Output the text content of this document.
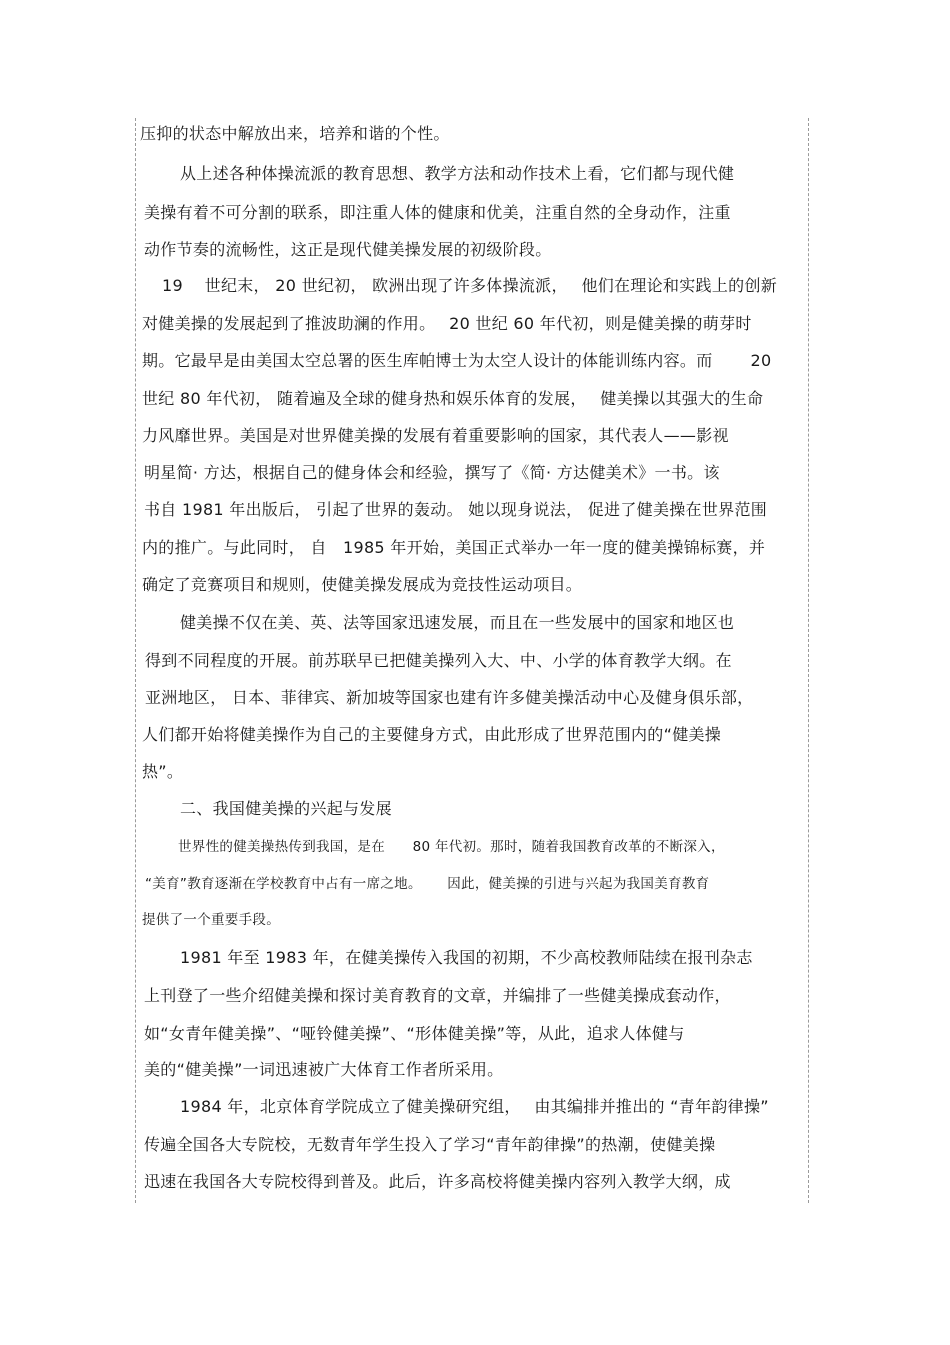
压抑的状态中解放出来，培养和谐的个性。
从上述各种体操流派的教育思想、教学方法和动作技术上看，它们都与现代健
美操有着不可分割的联系，即注重人体的健康和优美，注重自然的全身动作，注重
动作节奏的流畅性，这正是现代健美操发展的初级阶段。
19　 世纪末， 20 世纪初， 欧洲出现了许多体操流派，　 他们在理论和实践上的创新
对健美操的发展起到了推波助澜的作用。　 20 世纪 60 年代初，则是健美操的萌芽时
期。它最早是由美国太空总署的医生库帕博士为太空人设计的体能训练内容。而　　 20
世纪 80 年代初， 随着遍及全球的健身热和娱乐体育的发展，　 健美操以其强大的生命
力风靡世界。美国是对世界健美操的发展有着重要影响的国家，其代表人——影视
明星简· 方达，根据自己的健身体会和经验，撰写了《简· 方达健美术》一书。该
书自 1981 年出版后， 引起了世界的轰动。 她以现身说法， 促进了健美操在世界范围
内的推广。与此同时， 自　1985 年开始，美国正式举办一年一度的健美操锦标赛，并
确定了竞赛项目和规则，使健美操发展成为竞技性运动项目。
健美操不仅在美、英、法等国家迅速发展，而且在一些发展中的国家和地区也
得到不同程度的开展。前苏联早已把健美操列入大、中、小学的体育教学大纲。在
亚洲地区， 日本、菲律宾、新加坡等国家也建有许多健美操活动中心及健身俱乐部，
人们都开始将健美操作为自己的主要健身方式，由此形成了世界范围内的“健美操
热”。
二、我国健美操的兴起与发展
世界性的健美操热传到我国，是在　　80 年代初。那时，随着我国教育改革的不断深入，
“美育”教育逐渐在学校教育中占有一席之地。　　 因此，健美操的引进与兴起为我国美育教育
提供了一个重要手段。
1981 年至 1983 年，在健美操传入我国的初期，不少高校教师陆续在报刊杂志
上刊登了一些介绍健美操和探讨美育教育的文章，并编排了一些健美操成套动作，
如“女青年健美操”、“哑铃健美操”、“形体健美操”等，从此，追求人体健与
美的“健美操”一词迅速被广大体育工作者所采用。
1984 年，北京体育学院成立了健美操研究组，　 由其编排并推出的 “青年韵律操”
传遍全国各大专院校，无数青年学生投入了学习“青年韵律操”的热潮，使健美操
迅速在我国各大专院校得到普及。此后，许多高校将健美操内容列入教学大纲，成
